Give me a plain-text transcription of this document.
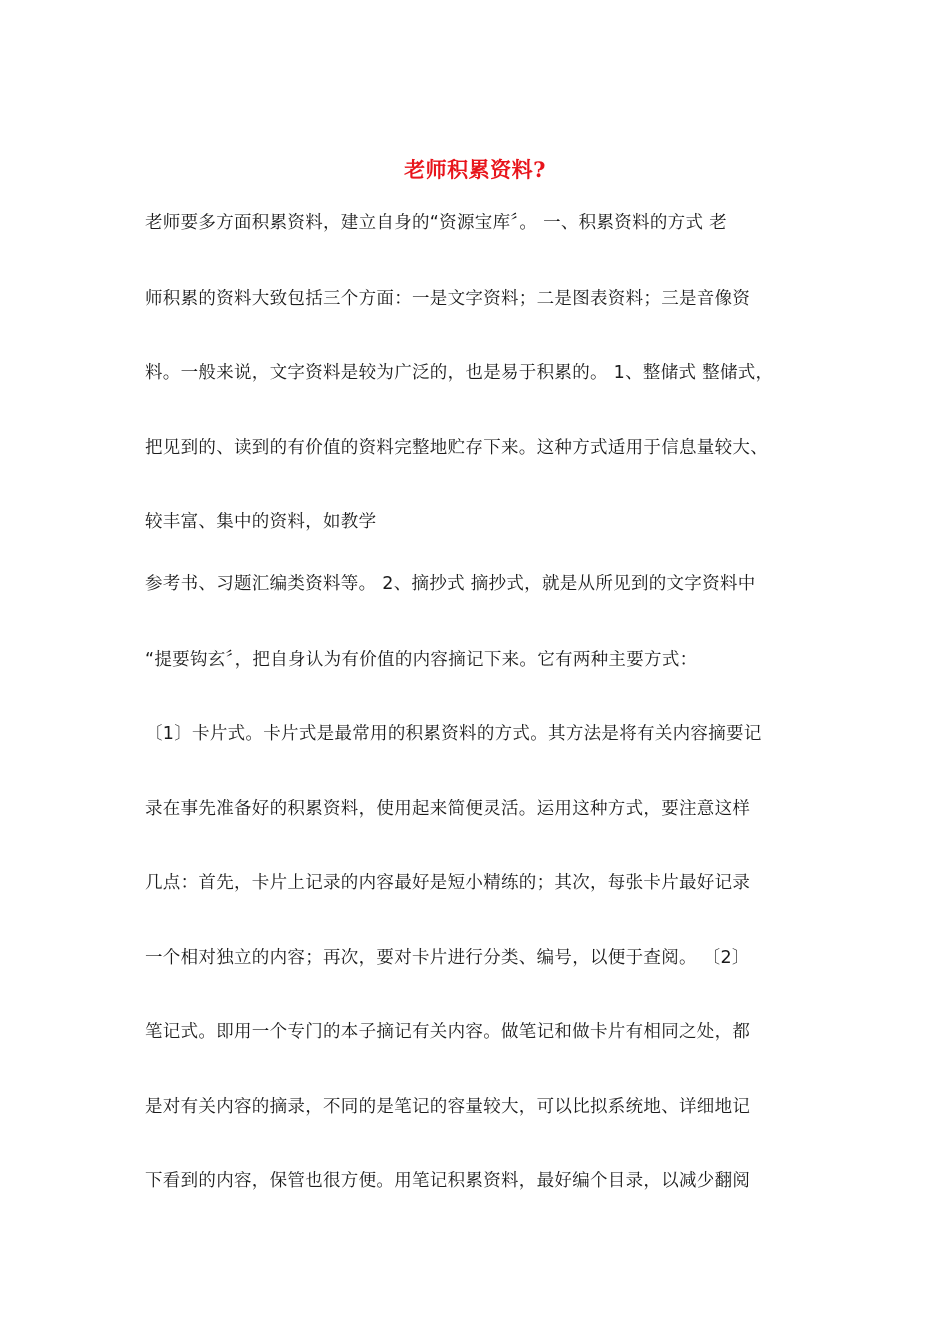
老师积累资料?
老师要多方面积累资料，建立自身的“资源宝库〞。 一、积累资料的方式 老
师积累的资料大致包括三个方面：一是文字资料；二是图表资料；三是音像资
料。一般来说，文字资料是较为广泛的，也是易于积累的。 1、整储式 整储式，
把见到的、读到的有价值的资料完整地贮存下来。这种方式适用于信息量较大、
较丰富、集中的资料，如教学
参考书、习题汇编类资料等。 2、摘抄式 摘抄式，就是从所见到的文字资料中
“提要钩玄〞，把自身认为有价值的内容摘记下来。它有两种主要方式：
〔1〕卡片式。卡片式是最常用的积累资料的方式。其方法是将有关内容摘要记
录在事先准备好的积累资料，使用起来简便灵活。运用这种方式，要注意这样
几点：首先，卡片上记录的内容最好是短小精练的；其次，每张卡片最好记录
一个相对独立的内容；再次，要对卡片进行分类、编号，以便于查阅。 〔2〕
笔记式。即用一个专门的本子摘记有关内容。做笔记和做卡片有相同之处，都
是对有关内容的摘录，不同的是笔记的容量较大，可以比拟系统地、详细地记
下看到的内容，保管也很方便。用笔记积累资料，最好编个目录，以减少翻阅
